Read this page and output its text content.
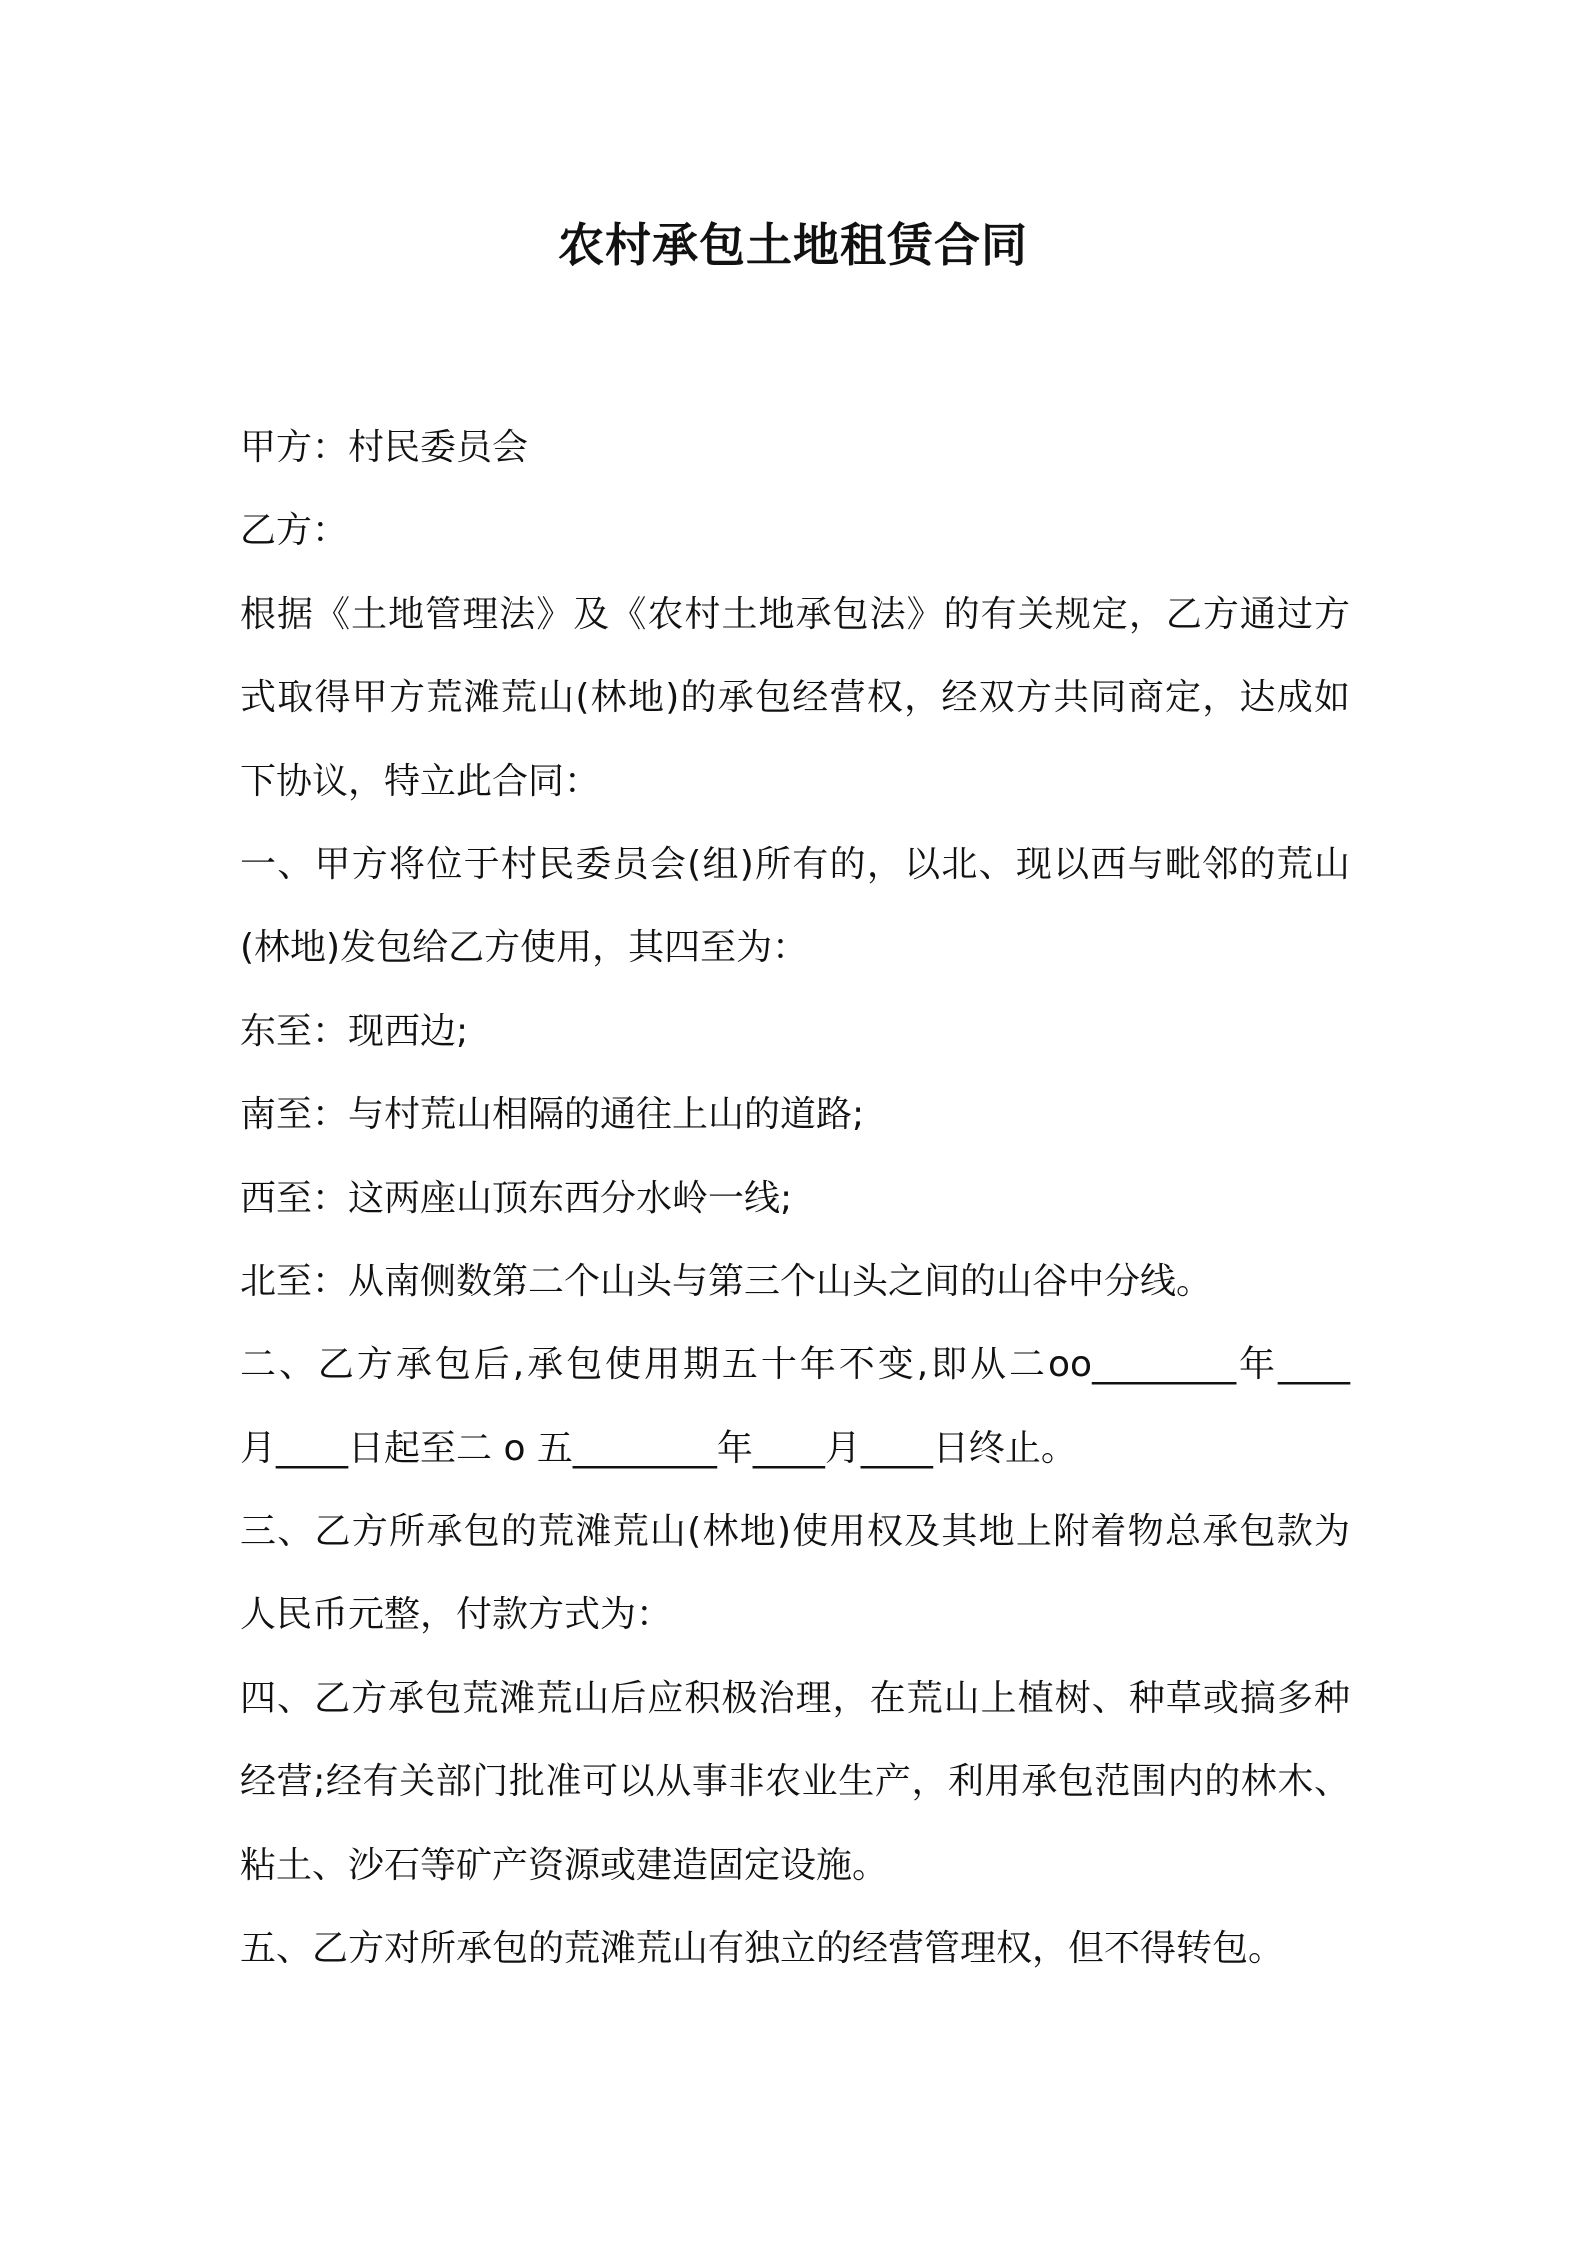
农村承包土地租赁合同
甲方：村民委员会
乙方：
根据《土地管理法》及《农村土地承包法》的有关规定，乙方通过方
式取得甲方荒滩荒山(林地)的承包经营权，经双方共同商定，达成如
下协议，特立此合同：
一、甲方将位于村民委员会(组)所有的，以北、现以西与毗邻的荒山
(林地)发包给乙方使用，其四至为：
东至：现西边;
南至：与村荒山相隔的通往上山的道路;
西至：这两座山顶东西分水岭一线;
北至：从南侧数第二个山头与第三个山头之间的山谷中分线。
二、乙方承包后,承包使用期五十年不变,即从二oo________年____
月____日起至二 o 五________年____月____日终止。
三、乙方所承包的荒滩荒山(林地)使用权及其地上附着物总承包款为
人民币元整，付款方式为：
四、乙方承包荒滩荒山后应积极治理，在荒山上植树、种草或搞多种
经营;经有关部门批准可以从事非农业生产，利用承包范围内的林木、
粘土、沙石等矿产资源或建造固定设施。
五、乙方对所承包的荒滩荒山有独立的经营管理权，但不得转包。
